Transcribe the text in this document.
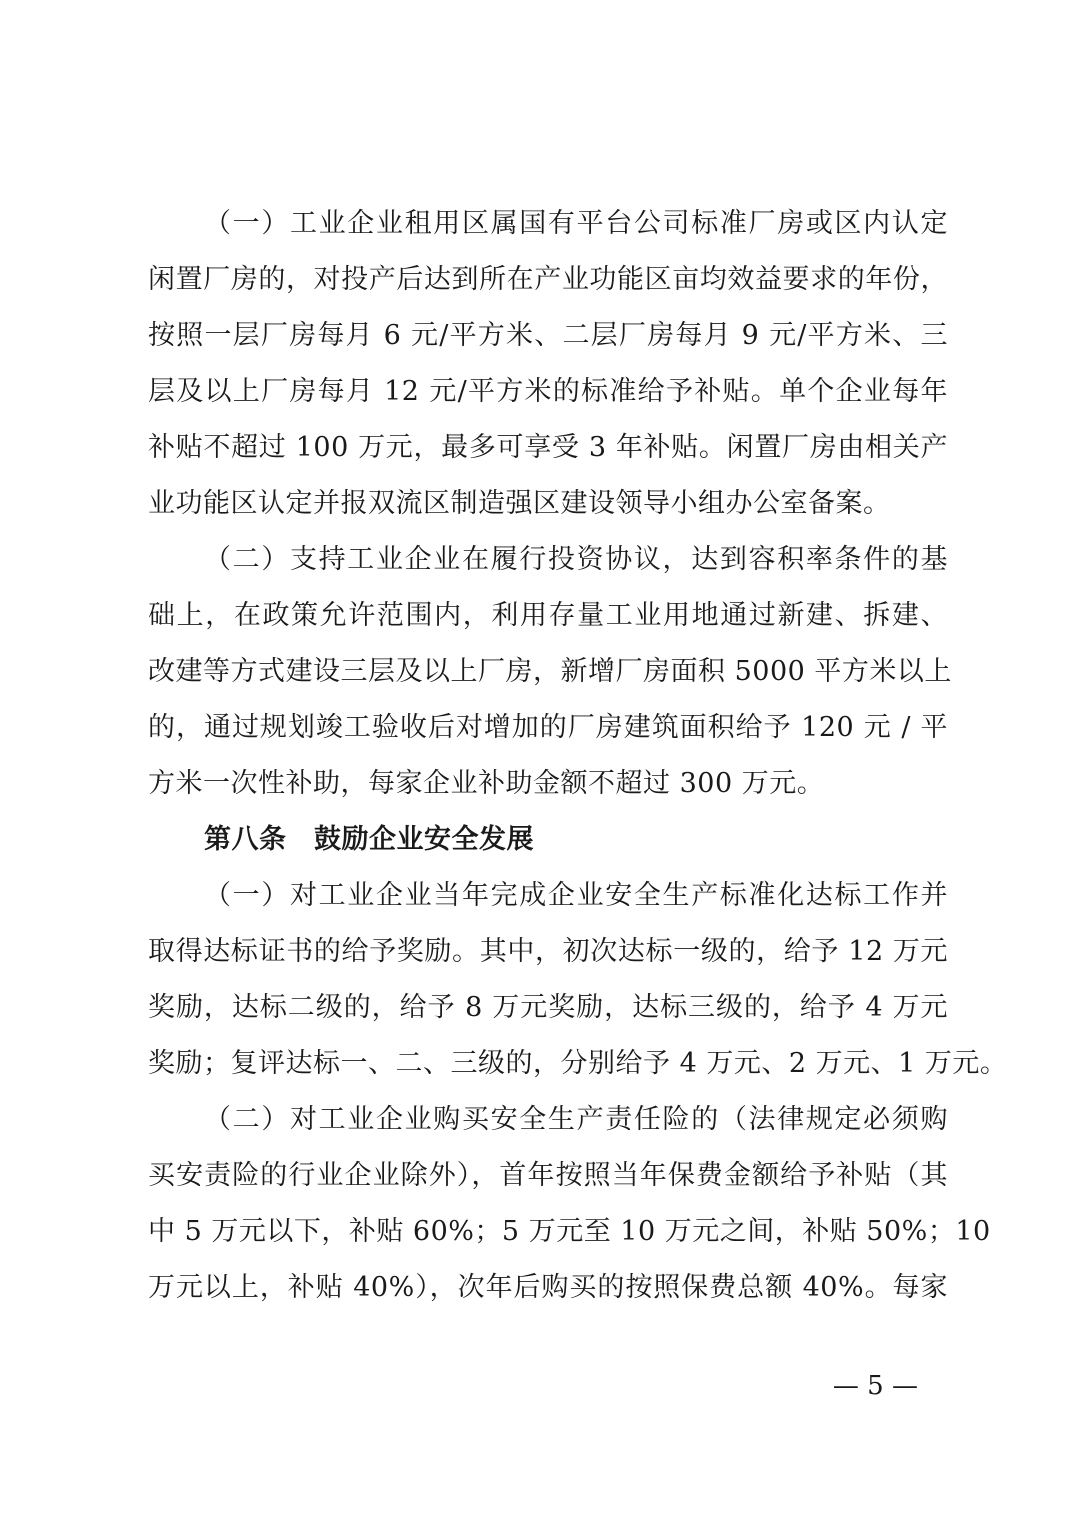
（一）工业企业租用区属国有平台公司标准厂房或区内认定
闲置厂房的，对投产后达到所在产业功能区亩均效益要求的年份，
按照一层厂房每月 6 元/平方米、二层厂房每月 9 元/平方米、三
层及以上厂房每月 12 元/平方米的标准给予补贴。单个企业每年
补贴不超过 100 万元，最多可享受 3 年补贴。闲置厂房由相关产
业功能区认定并报双流区制造强区建设领导小组办公室备案。
（二）支持工业企业在履行投资协议，达到容积率条件的基
础上，在政策允许范围内，利用存量工业用地通过新建、拆建、
改建等方式建设三层及以上厂房，新增厂房面积 5000 平方米以上
的，通过规划竣工验收后对增加的厂房建筑面积给予 120 元 / 平
方米一次性补助，每家企业补助金额不超过 300 万元。
第八条　鼓励企业安全发展
（一）对工业企业当年完成企业安全生产标准化达标工作并
取得达标证书的给予奖励。其中，初次达标一级的，给予 12 万元
奖励，达标二级的，给予 8 万元奖励，达标三级的，给予 4 万元
奖励；复评达标一、二、三级的，分别给予 4 万元、2 万元、1 万元。
（二）对工业企业购买安全生产责任险的（法律规定必须购
买安责险的行业企业除外），首年按照当年保费金额给予补贴（其
中 5 万元以下，补贴 60%；5 万元至 10 万元之间，补贴 50%；10
万元以上，补贴 40%），次年后购买的按照保费总额 40%。每家
— 5 —
